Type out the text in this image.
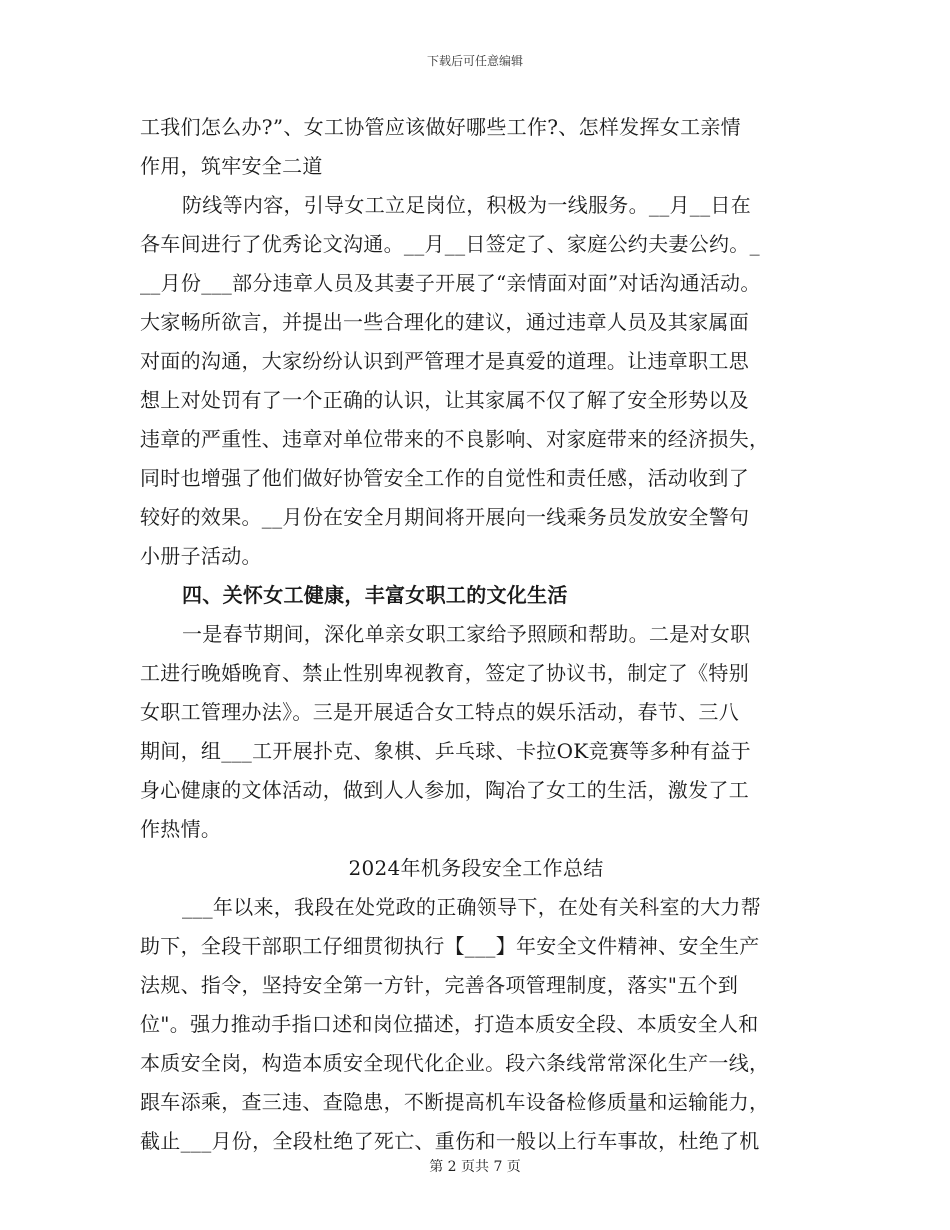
下载后可任意编辑
工我们怎么办?”、女工协管应该做好哪些工作?、怎样发挥女工亲情
作用，筑牢安全二道
防线等内容，引导女工立足岗位，积极为一线服务。__月__日在
各车间进行了优秀论文沟通。__月__日签定了、家庭公约夫妻公约。_
__月份___部分违章人员及其妻子开展了“亲情面对面”对话沟通活动。
大家畅所欲言，并提出一些合理化的建议，通过违章人员及其家属面
对面的沟通，大家纷纷认识到严管理才是真爱的道理。让违章职工思
想上对处罚有了一个正确的认识，让其家属不仅了解了安全形势以及
违章的严重性、违章对单位带来的不良影响、对家庭带来的经济损失，
同时也增强了他们做好协管安全工作的自觉性和责任感，活动收到了
较好的效果。__月份在安全月期间将开展向一线乘务员发放安全警句
小册子活动。
四、关怀女工健康，丰富女职工的文化生活
一是春节期间，深化单亲女职工家给予照顾和帮助。二是对女职
工进行晚婚晚育、禁止性别卑视教育，签定了协议书，制定了《特别
女职工管理办法》。三是开展适合女工特点的娱乐活动，春节、三八
期间，组___工开展扑克、象棋、乒乓球、卡拉OK竞赛等多种有益于
身心健康的文体活动，做到人人参加，陶冶了女工的生活，激发了工
作热情。
2024年机务段安全工作总结
___年以来，我段在处党政的正确领导下，在处有关科室的大力帮
助下，全段干部职工仔细贯彻执行【___】年安全文件精神、安全生产
法规、指令，坚持安全第一方针，完善各项管理制度，落实"五个到
位"。强力推动手指口述和岗位描述，打造本质安全段、本质安全人和
本质安全岗，构造本质安全现代化企业。段六条线常常深化生产一线，
跟车添乘，查三违、查隐患，不断提高机车设备检修质量和运输能力，
截止___月份，全段杜绝了死亡、重伤和一般以上行车事故，杜绝了机
第 2 页共 7 页
